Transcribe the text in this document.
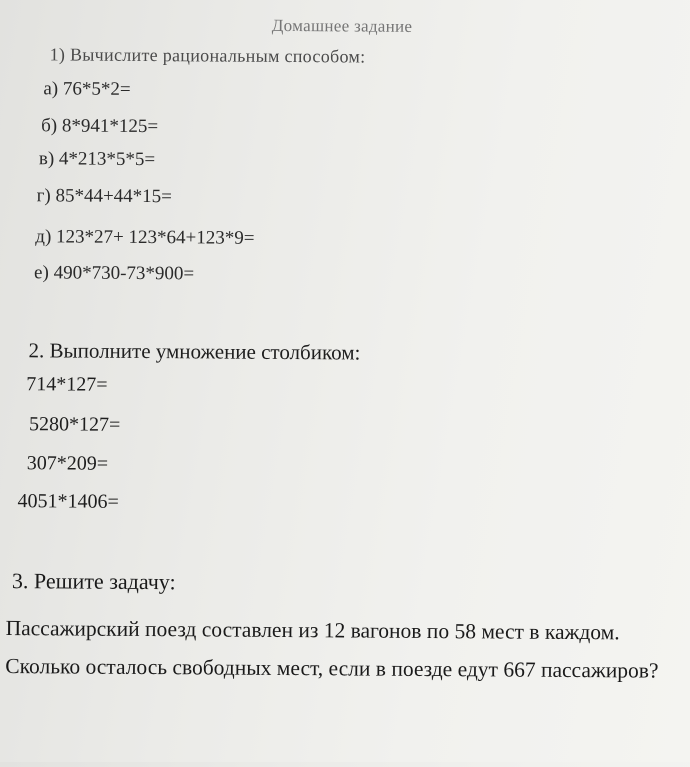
Домашнее задание
1) Вычислите рациональным способом:
а) 76*5*2=
б) 8*941*125=
в) 4*213*5*5=
г) 85*44+44*15=
д) 123*27+ 123*64+123*9=
е) 490*730-73*900=
2. Выполните умножение столбиком:
714*127=
5280*127=
307*209=
4051*1406=
3. Решите задачу:

Пассажирский поезд составлен из 12 вагонов по 58 мест в каждом.

Сколько осталось свободных мест, если в поезде едут 667 пассажиров?
